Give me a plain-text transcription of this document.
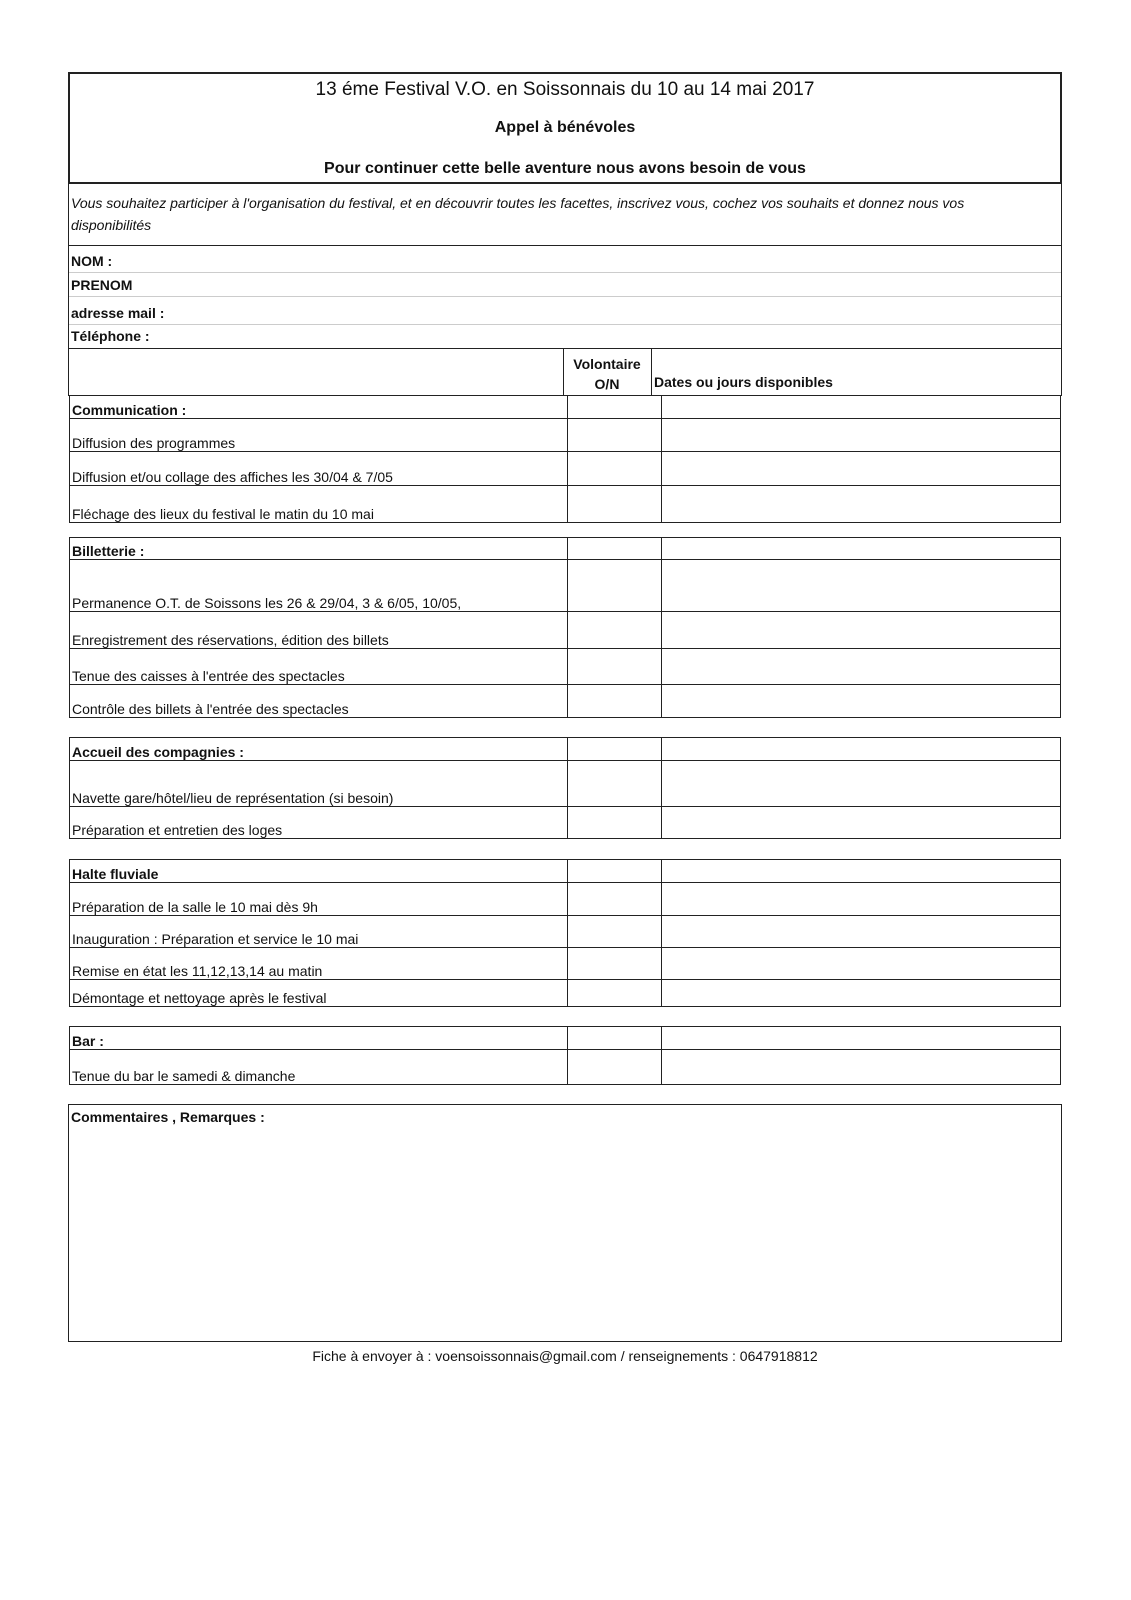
13 éme Festival V.O. en Soissonnais du 10 au 14 mai 2017
Appel à bénévoles
Pour continuer cette belle aventure nous avons besoin de vous
Vous souhaitez participer à l'organisation du festival, et en découvrir toutes les facettes, inscrivez vous, cochez vos souhaits et donnez nous vos disponibilités
NOM :
PRENOM
adresse mail :
Téléphone :
Volontaire
O/N	Dates ou jours disponibles
Communication :		
Diffusion des programmes		
Diffusion et/ou collage des affiches les 30/04 & 7/05		
Fléchage des lieux du festival le matin du 10 mai		
Billetterie :		
Permanence O.T. de Soissons les 26 & 29/04, 3 & 6/05, 10/05,		
Enregistrement des réservations, édition des billets		
Tenue des caisses à l'entrée des spectacles		
Contrôle des billets à l'entrée des spectacles		
Accueil des compagnies :		
Navette gare/hôtel/lieu de représentation (si besoin)		
Préparation et entretien des loges		
Halte fluviale		
Préparation de la salle le 10 mai dès 9h		
Inauguration : Préparation et service le 10 mai		
Remise en état les 11,12,13,14 au matin		
Démontage et nettoyage après le festival		
Bar :		
Tenue du bar le samedi & dimanche		
Commentaires , Remarques :
Fiche à envoyer à : voensoissonnais@gmail.com / renseignements : 0647918812
